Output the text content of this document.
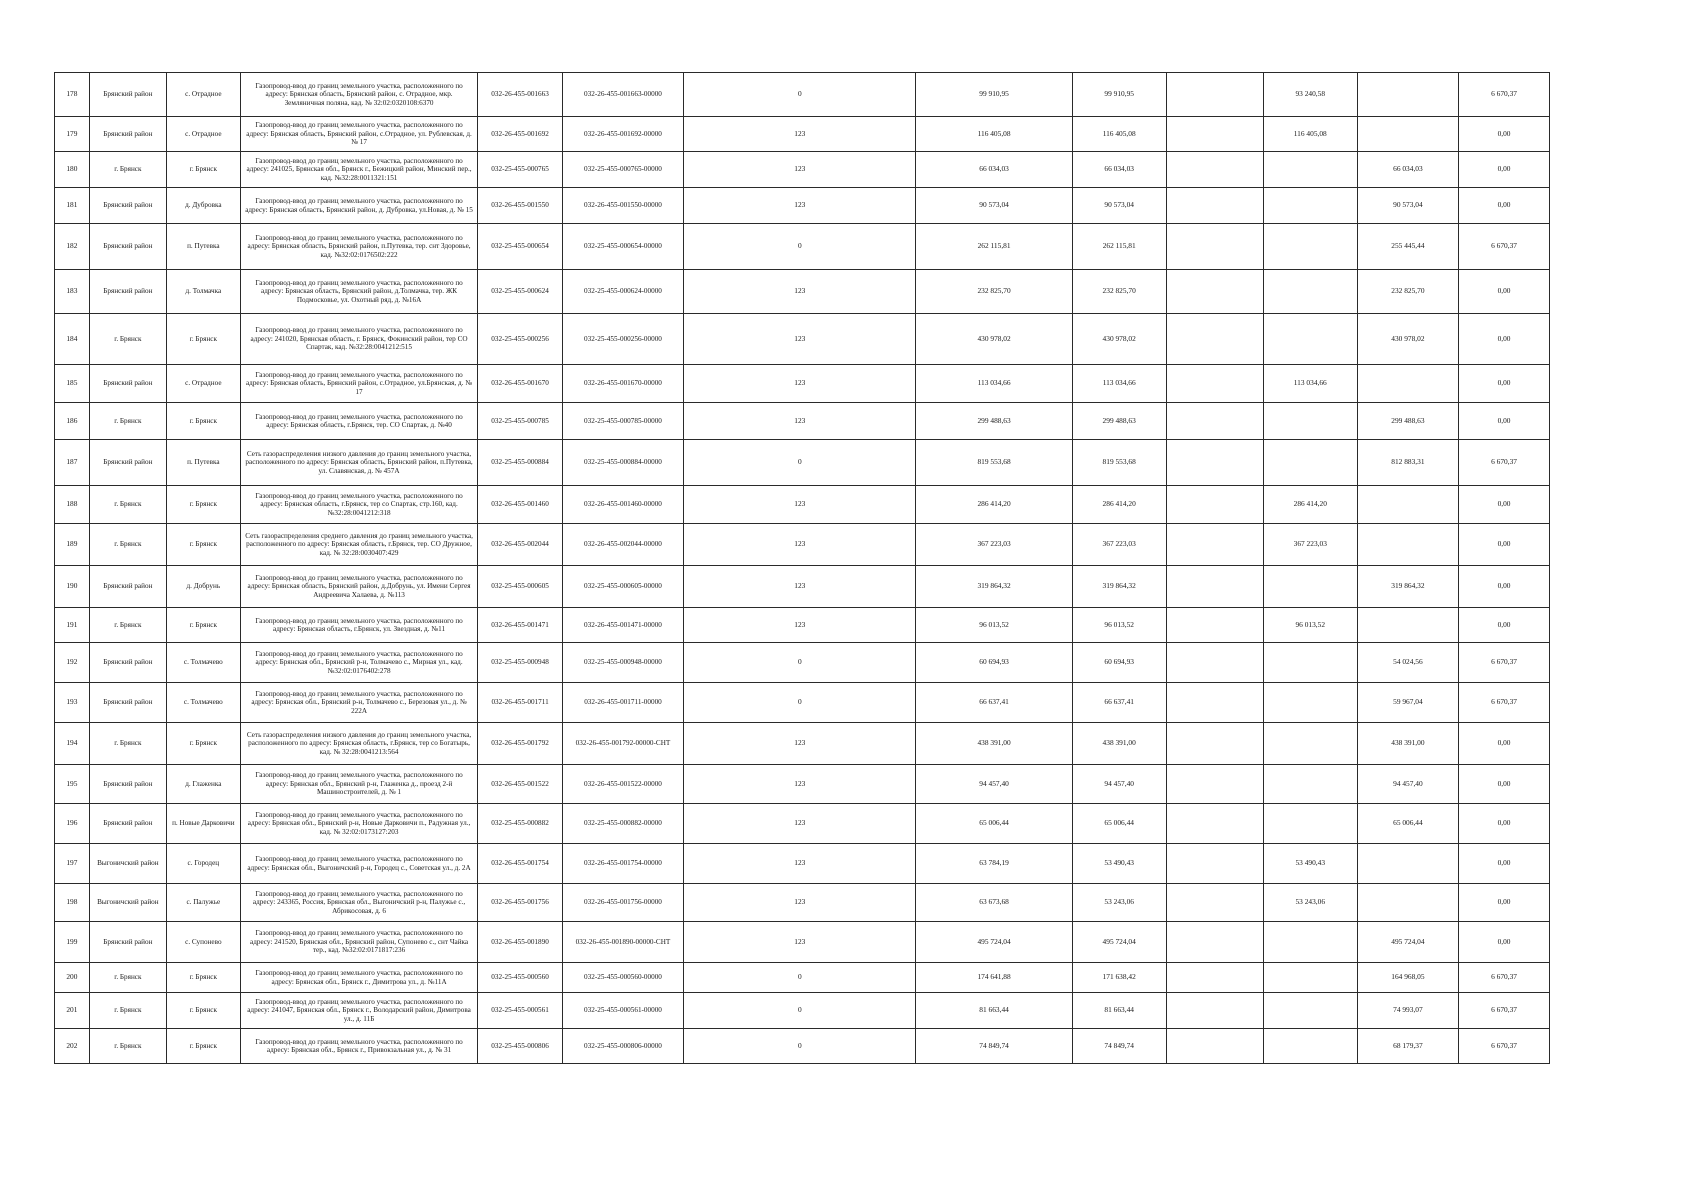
178	Брянский район	с. Отрадное	Газопровод-ввод до границ земельного участка, расположенного по адресу: Брянская область, Брянский район, с. Отрадное, мкр. Земляничная поляна, кад. № 32:02:0320108:6370	032-26-455-001663	032-26-455-001663-00000	0	99 910,95	99 910,95		93 240,58		6 670,37
179	Брянский район	с. Отрадное	Газопровод-ввод до границ земельного участка, расположенного по адресу: Брянская область, Брянский район, с.Отрадное, ул. Рублевская, д. № 17	032-26-455-001692	032-26-455-001692-00000	123	116 405,08	116 405,08		116 405,08		0,00
180	г. Брянск	г. Брянск	Газопровод-ввод до границ земельного участка, расположенного по адресу: 241025, Брянская обл., Брянск г., Бежицкий район, Минский пер., кад. №32:28:0011321:151	032-25-455-000765	032-25-455-000765-00000	123	66 034,03	66 034,03			66 034,03	0,00
181	Брянский район	д. Дубровка	Газопровод-ввод до границ земельного участка, расположенного по адресу: Брянская область, Брянский район, д. Дубровка, ул.Новая, д. № 15	032-26-455-001550	032-26-455-001550-00000	123	90 573,04	90 573,04			90 573,04	0,00
182	Брянский район	п. Путевка	Газопровод-ввод до границ земельного участка, расположенного по адресу: Брянская область, Брянский район, п.Путевка, тер. снт Здоровье, кад. №32:02:0176502:222	032-25-455-000654	032-25-455-000654-00000	0	262 115,81	262 115,81			255 445,44	6 670,37
183	Брянский район	д. Толмачка	Газопровод-ввод до границ земельного участка, расположенного по адресу: Брянская область, Брянский район, д.Толмачка, тер. ЖК Подмосковье, ул. Охотный ряд, д. №16А	032-25-455-000624	032-25-455-000624-00000	123	232 825,70	232 825,70			232 825,70	0,00
184	г. Брянск	г. Брянск	Газопровод-ввод до границ земельного участка, расположенного по адресу: 241020, Брянская область, г. Брянск, Фокинский район, тер СО Спартак, кад. №32:28:0041212:515	032-25-455-000256	032-25-455-000256-00000	123	430 978,02	430 978,02			430 978,02	0,00
185	Брянский район	с. Отрадное	Газопровод-ввод до границ земельного участка, расположенного по адресу: Брянская область, Брянский район, с.Отрадное, ул.Брянская, д. № 17	032-26-455-001670	032-26-455-001670-00000	123	113 034,66	113 034,66		113 034,66		0,00
186	г. Брянск	г. Брянск	Газопровод-ввод до границ земельного участка, расположенного по адресу: Брянская область, г.Брянск, тер. СО Спартак, д. №40	032-25-455-000785	032-25-455-000785-00000	123	299 488,63	299 488,63			299 488,63	0,00
187	Брянский район	п. Путевка	Сеть газораспределения низкого давления до границ земельного участка, расположенного по адресу: Брянская область, Брянский район, п.Путевка, ул. Славянская, д. № 457А	032-25-455-000884	032-25-455-000884-00000	0	819 553,68	819 553,68			812 883,31	6 670,37
188	г. Брянск	г. Брянск	Газопровод-ввод до границ земельного участка, расположенного по адресу: Брянская область, г.Брянск, тер со Спартак, стр.160, кад. №32:28:0041212:318	032-26-455-001460	032-26-455-001460-00000	123	286 414,20	286 414,20		286 414,20		0,00
189	г. Брянск	г. Брянск	Сеть газораспределения среднего давления до границ земельного участка, расположенного по адресу: Брянская область, г.Брянск, тер. СО Дружное, кад. № 32:28:0030407:429	032-26-455-002044	032-26-455-002044-00000	123	367 223,03	367 223,03		367 223,03		0,00
190	Брянский район	д. Добрунь	Газопровод-ввод до границ земельного участка, расположенного по адресу: Брянская область, Брянский район, д.Добрунь, ул. Имени Сергея Андреевича Халаева, д. №113	032-25-455-000605	032-25-455-000605-00000	123	319 864,32	319 864,32			319 864,32	0,00
191	г. Брянск	г. Брянск	Газопровод-ввод до границ земельного участка, расположенного по адресу: Брянская область, г.Брянск, ул. Звездная, д. №11	032-26-455-001471	032-26-455-001471-00000	123	96 013,52	96 013,52		96 013,52		0,00
192	Брянский район	с. Толмачево	Газопровод-ввод до границ земельного участка, расположенного по адресу: Брянская обл., Брянский р-н, Толмачево с., Мирная ул., кад. №32:02:0176402:278	032-25-455-000948	032-25-455-000948-00000	0	60 694,93	60 694,93			54 024,56	6 670,37
193	Брянский район	с. Толмачево	Газопровод-ввод до границ земельного участка, расположенного по адресу: Брянская обл., Брянский р-н, Толмачево с., Березовая ул., д. № 222А	032-26-455-001711	032-26-455-001711-00000	0	66 637,41	66 637,41			59 967,04	6 670,37
194	г. Брянск	г. Брянск	Сеть газораспределения низкого давления до границ земельного участка, расположенного по адресу: Брянская область, г.Брянск, тер со Богатырь, кад. № 32:28:0041213:564	032-26-455-001792	032-26-455-001792-00000-СНТ	123	438 391,00	438 391,00			438 391,00	0,00
195	Брянский район	д. Глаженка	Газопровод-ввод до границ земельного участка, расположенного по адресу: Брянская обл., Брянский р-н, Глаженка д., проезд 2-й Машиностроителей, д. № 1	032-26-455-001522	032-26-455-001522-00000	123	94 457,40	94 457,40			94 457,40	0,00
196	Брянский район	п. Новые Дарковичи	Газопровод-ввод до границ земельного участка, расположенного по адресу: Брянская обл., Брянский р-н, Новые Дарковичи п., Радужная ул., кад. № 32:02:0173127:203	032-25-455-000882	032-25-455-000882-00000	123	65 006,44	65 006,44			65 006,44	0,00
197	Выгоничский район	с. Городец	Газопровод-ввод до границ земельного участка, расположенного по адресу: Брянская обл., Выгоничский р-н, Городец с., Советская ул., д. 2А	032-26-455-001754	032-26-455-001754-00000	123	63 784,19	53 490,43		53 490,43		0,00
198	Выгоничский район	с. Палужье	Газопровод-ввод до границ земельного участка, расположенного по адресу: 243365, Россия, Брянская обл., Выгоничский р-н, Палужье с., Абрикосовая, д. 6	032-26-455-001756	032-26-455-001756-00000	123	63 673,68	53 243,06		53 243,06		0,00
199	Брянский район	с. Супонево	Газопровод-ввод до границ земельного участка, расположенного по адресу: 241520, Брянская обл., Брянский район, Супонево с., снт Чайка тер., кад. №32:02:0171817:236	032-26-455-001890	032-26-455-001890-00000-СНТ	123	495 724,04	495 724,04			495 724,04	0,00
200	г. Брянск	г. Брянск	Газопровод-ввод до границ земельного участка, расположенного по адресу: Брянская обл., Брянск г., Димитрова ул., д. №11А	032-25-455-000560	032-25-455-000560-00000	0	174 641,88	171 638,42			164 968,05	6 670,37
201	г. Брянск	г. Брянск	Газопровод-ввод до границ земельного участка, расположенного по адресу: 241047, Брянская обл., Брянск г., Володарский район, Димитрова ул., д. 11Б	032-25-455-000561	032-25-455-000561-00000	0	81 663,44	81 663,44			74 993,07	6 670,37
202	г. Брянск	г. Брянск	Газопровод-ввод до границ земельного участка, расположенного по адресу: Брянская обл., Брянск г., Привокзальная ул., д. № 31	032-25-455-000806	032-25-455-000806-00000	0	74 849,74	74 849,74			68 179,37	6 670,37
